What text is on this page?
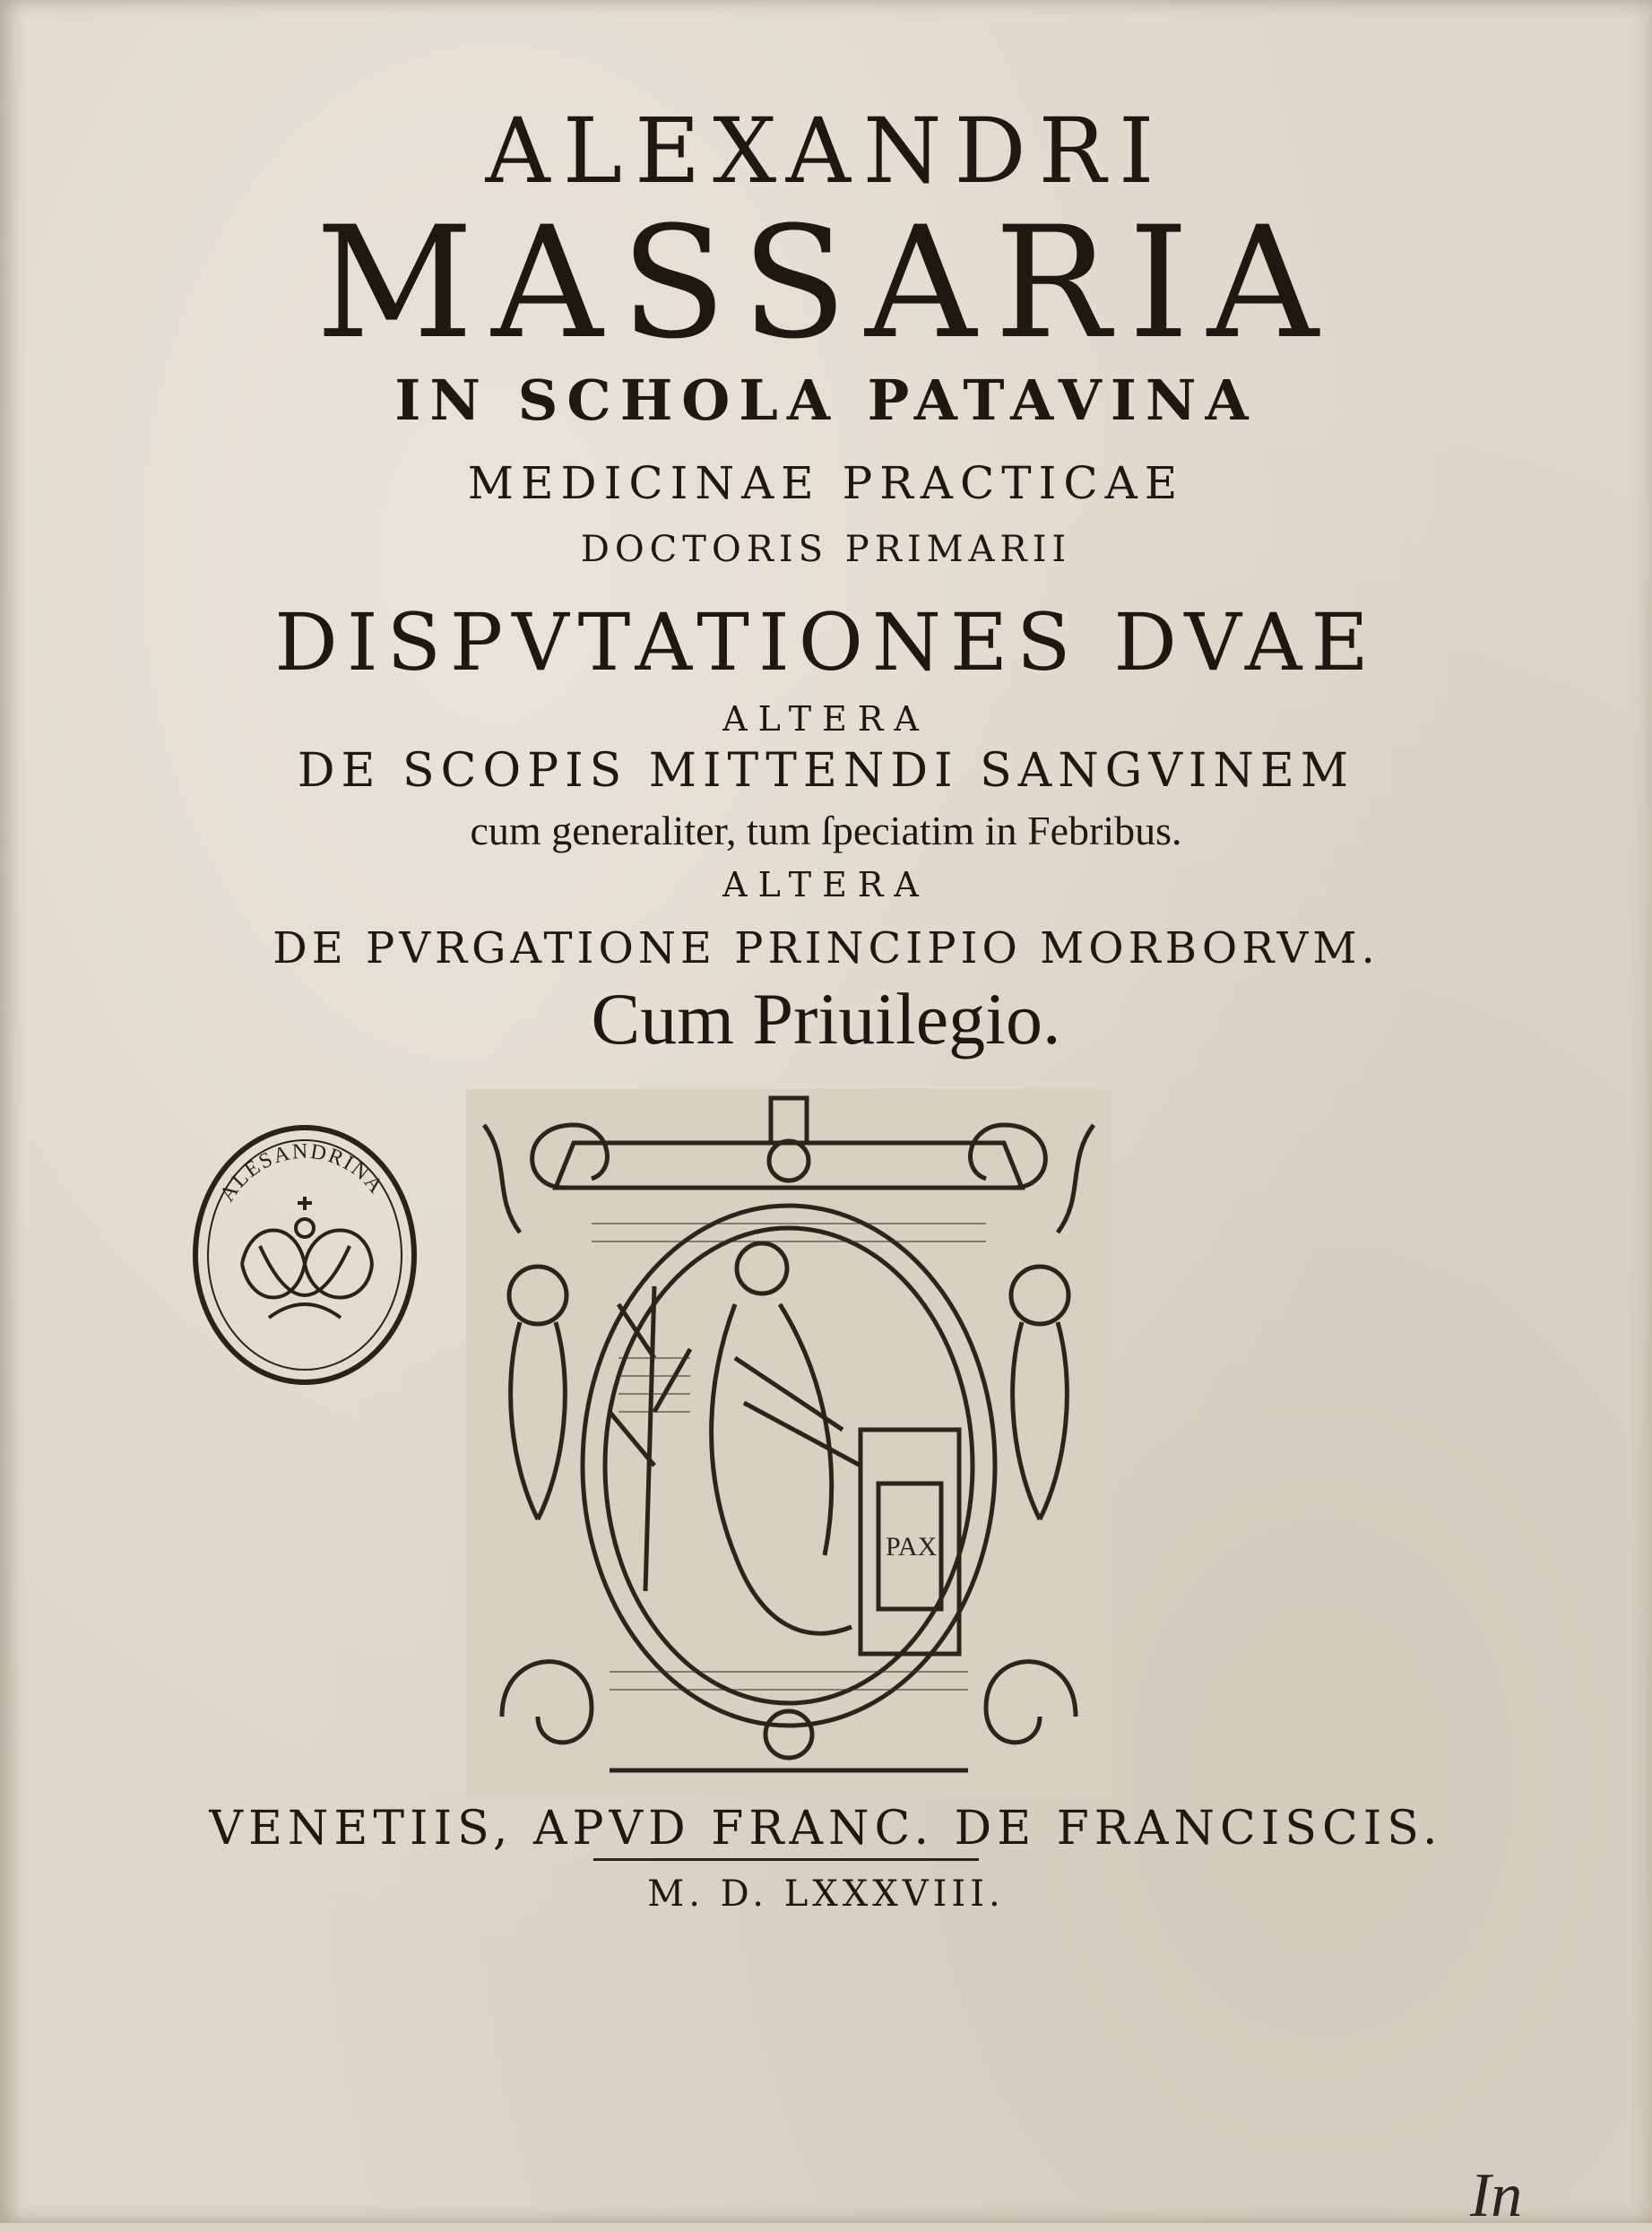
ALEXANDRI
MASSARIA
IN SCHOLA PATAVINA
MEDICINAE PRACTICAE
DOCTORIS PRIMARII
DISPVTATIONES DVAE
ALTERA
DE SCOPIS MITTENDI SANGVINEM
cum generaliter, tum ſpeciatim in Febribus.
ALTERA
DE PVRGATIONE PRINCIPIO MORBORVM.
Cum Priuilegio.
ALESANDRINA
PAX
VENETIIS, APVD FRANC. DE FRANCISCIS.
M. D. LXXXVIII.
In
